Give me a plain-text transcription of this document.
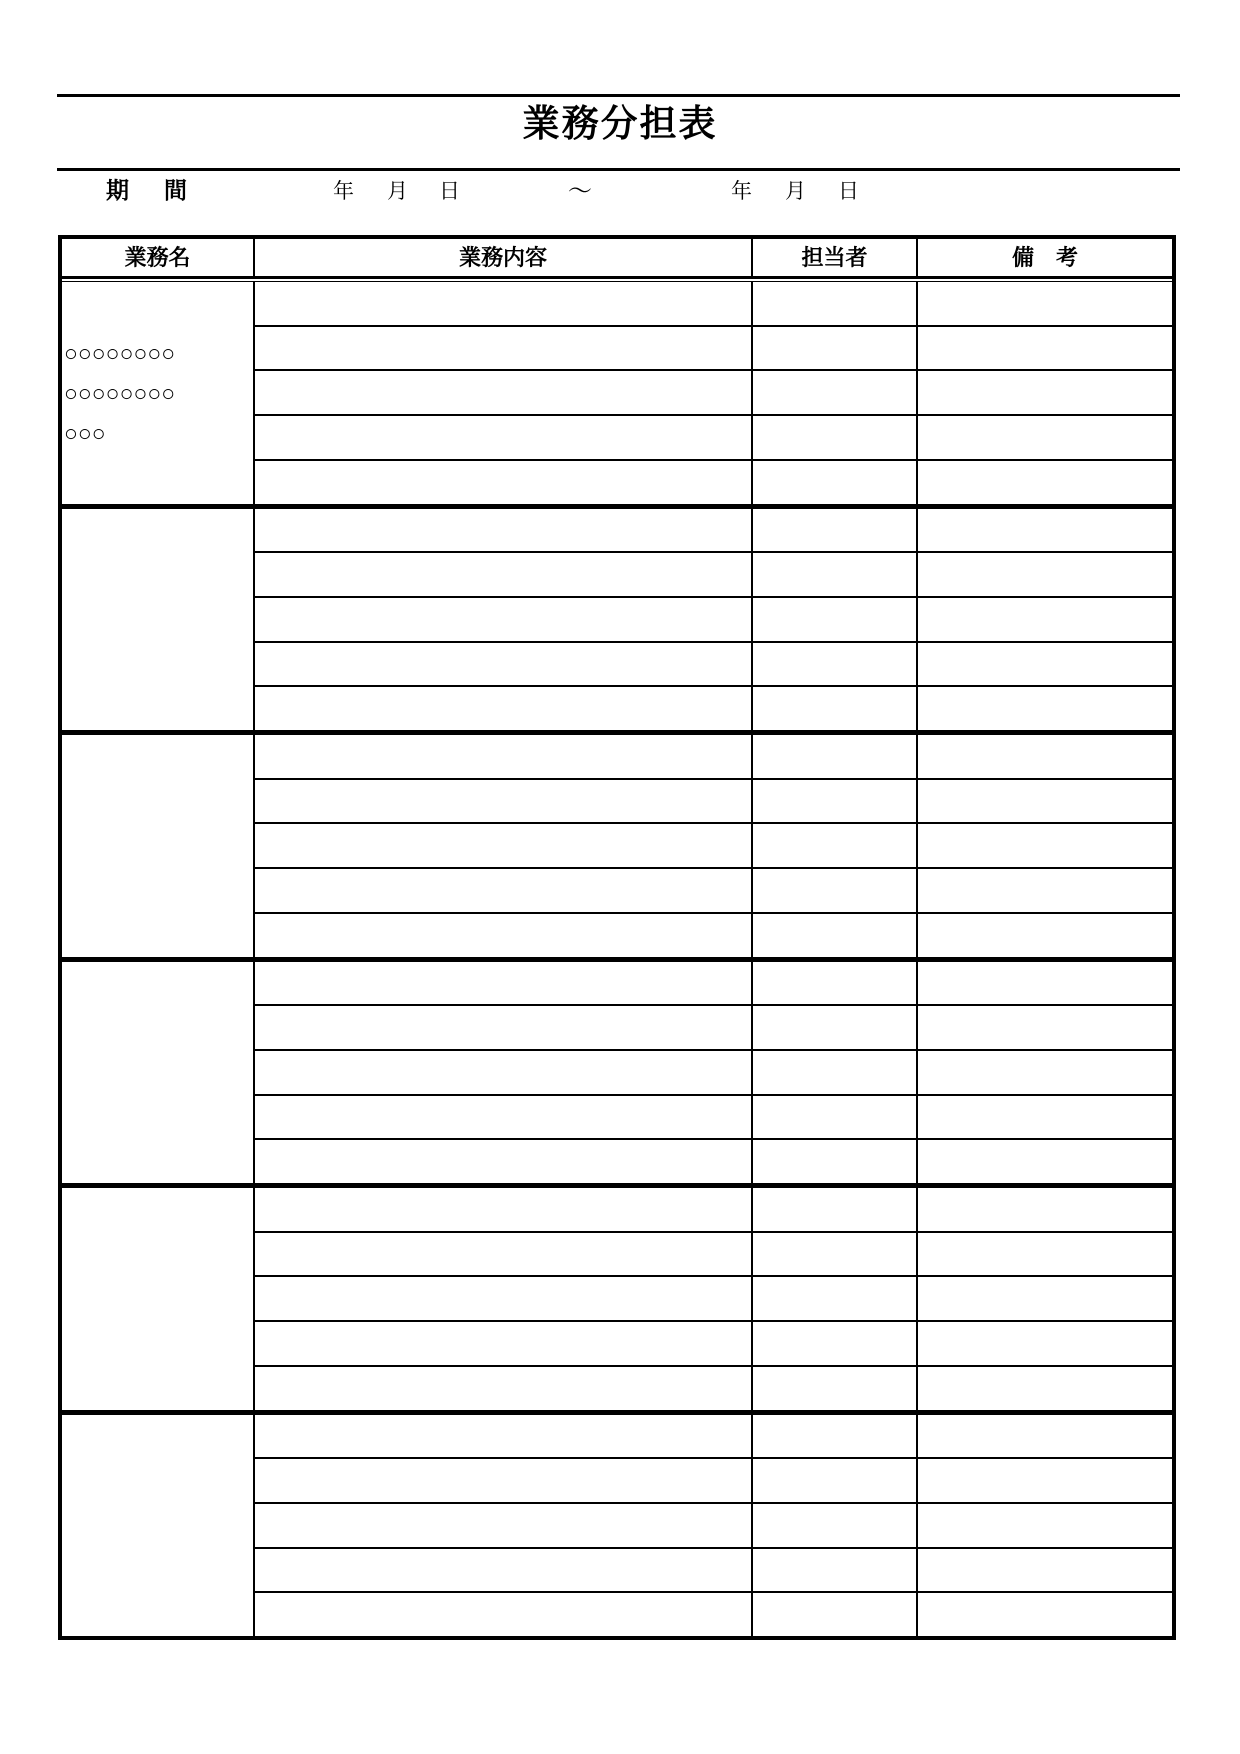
業務分担表
期　間	年 月 日	～	年 月 日
業務名	業務内容	担当者	備　考
○○○○○○○○
○○○○○○○○
○○○
